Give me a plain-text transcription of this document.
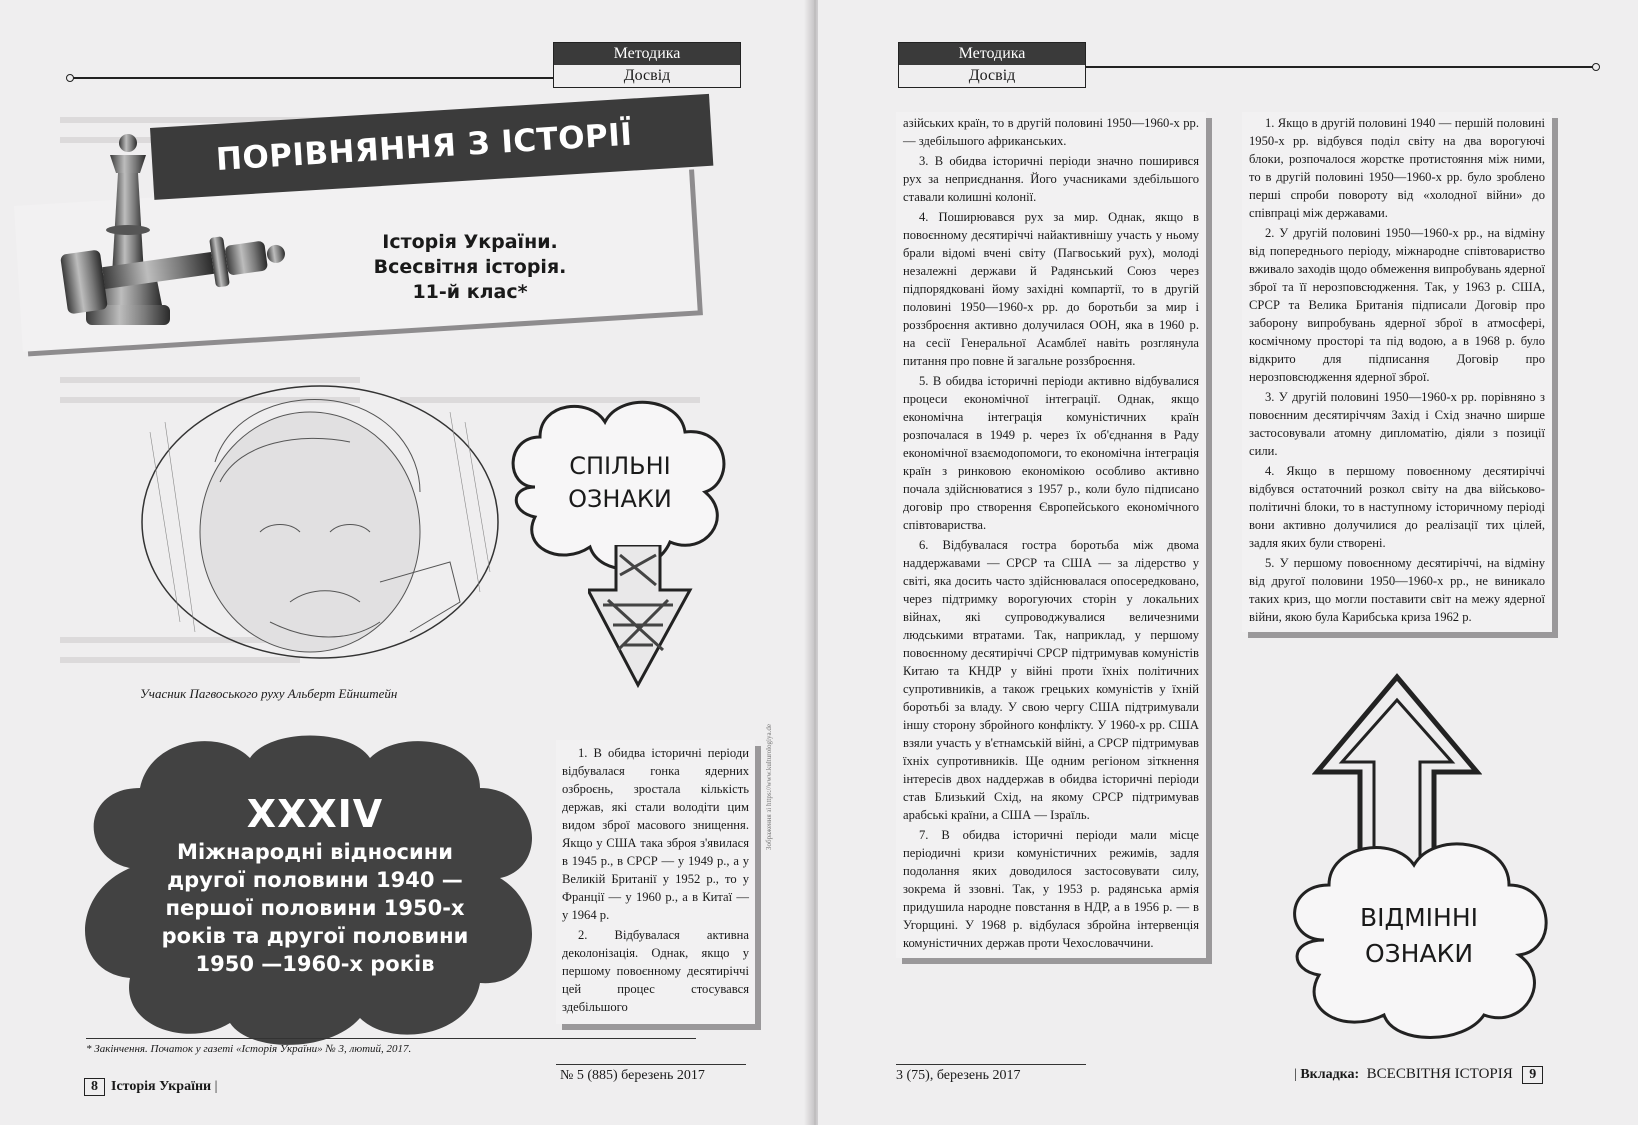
Методика
Досвід
ПОРІВНЯННЯ З ІСТОРІЇ
Історія України.
Всесвітня історія.
11-й клас*
Учасник Пагвоського руху Альберт Ейнштейн
СПІЛЬНІ
ОЗНАКИ
XXXIV
Міжнародні відносини
другої половини 1940 —
першої половини 1950-х
років та другої половини
1950 —1960-х років

1. В обидва історичні періоди відбувалася гонка ядерних озброєнь, зростала кількість держав, які стали володіти цим видом зброї масового знищення. Якщо у США така зброя з'явилася в 1945 р., в СРСР — у 1949 р., а у Великій Британії у 1952 р., то у Франції — у 1960 р., а в Китаї — у 1964 р.

2. Відбувалася активна деколонізація. Однак, якщо у першому повоєнному десятиріччі цей процес стосувався здебільшого

Зображення зі https://www.kulturologiya.de
* Закінчення. Початок у газеті «Історія України» № 3, лютий, 2017.
8 Історія України |
№ 5 (885) березень 2017
Методика
Досвід

азійських країн, то в другій половині 1950—1960-х рр. — здебільшого африканських.

3. В обидва історичні періоди значно поширився рух за неприєднання. Його учасниками здебільшого ставали колишні колонії.

4. Поширювався рух за мир. Однак, якщо в повоєнному десятиріччі найактивнішу участь у ньому брали відомі вчені світу (Пагвоський рух), молоді незалежні держави й Радянський Союз через підпорядковані йому західні компартії, то в другій половині 1950—1960-х рр. до боротьби за мир і роззброєння активно долучилася ООН, яка в 1960 р. на сесії Генеральної Асамблеї навіть розглянула питання про повне й загальне роззброєння.

5. В обидва історичні періоди активно відбувалися процеси економічної інтеграції. Однак, якщо економічна інтеграція комуністичних країн розпочалася в 1949 р. через їх об'єднання в Раду економічної взаємодопомоги, то економічна інтеграція країн з ринковою економікою особливо активно почала здійснюватися з 1957 р., коли було підписано договір про створення Європейського економічного співтовариства.

6. Відбувалася гостра боротьба між двома наддержавами — СРСР та США — за лідерство у світі, яка досить часто здійснювалася опосередковано, через підтримку ворогуючих сторін у локальних війнах, які супроводжувалися величезними людськими втратами. Так, наприклад, у першому повоєнному десятиріччі СРСР підтримував комуністів Китаю та КНДР у війні проти їхніх політичних супротивників, а також грецьких комуністів у їхній боротьбі за владу. У свою чергу США підтримували іншу сторону збройного конфлікту. У 1960-х рр. США взяли участь у в'єтнамській війні, а СРСР підтримував їхніх супротивників. Ще одним регіоном зіткнення інтересів двох наддержав в обидва історичні періоди став Близький Схід, на якому СРСР підтримував арабські країни, а США — Ізраїль.

7. В обидва історичні періоди мали місце періодичні кризи комуністичних режимів, задля подолання яких доводилося застосовувати силу, зокрема й ззовні. Так, у 1953 р. радянська армія придушила народне повстання в НДР, а в 1956 р. — в Угорщині. У 1968 р. відбулася збройна інтервенція комуністичних держав проти Чехословаччини.

1. Якщо в другій половині 1940 — першій половині 1950-х рр. відбувся поділ світу на два ворогуючі блоки, розпочалося жорстке протистояння між ними, то в другій половині 1950—1960-х рр. було зроблено перші спроби повороту від «холодної війни» до співпраці між державами.

2. У другій половині 1950—1960-х рр., на відміну від попереднього періоду, міжнародне співтовариство вживало заходів щодо обмеження випробувань ядерної зброї та її нерозповсюдження. Так, у 1963 р. США, СРСР та Велика Британія підписали Договір про заборону випробувань ядерної зброї в атмосфері, космічному просторі та під водою, а в 1968 р. було відкрито для підписання Договір про нерозповсюдження ядерної зброї.

3. У другій половині 1950—1960-х рр. порівняно з повоєнним десятиріччям Захід і Схід значно ширше застосовували атомну дипломатію, діяли з позиції сили.

4. Якщо в першому повоєнному десятиріччі відбувся остаточний розкол світу на два військово-політичні блоки, то в наступному історичному періоді вони активно долучилися до реалізації тих цілей, задля яких були створені.

5. У першому повоєнному десятиріччі, на відміну від другої половини 1950—1960-х рр., не виникало таких криз, що могли поставити світ на межу ядерної війни, якою була Карибська криза 1962 р.

ВІДМІННІ
ОЗНАКИ
3 (75), березень 2017	| Вкладка: ВСЕСВІТНЯ ІСТОРІЯ 9
